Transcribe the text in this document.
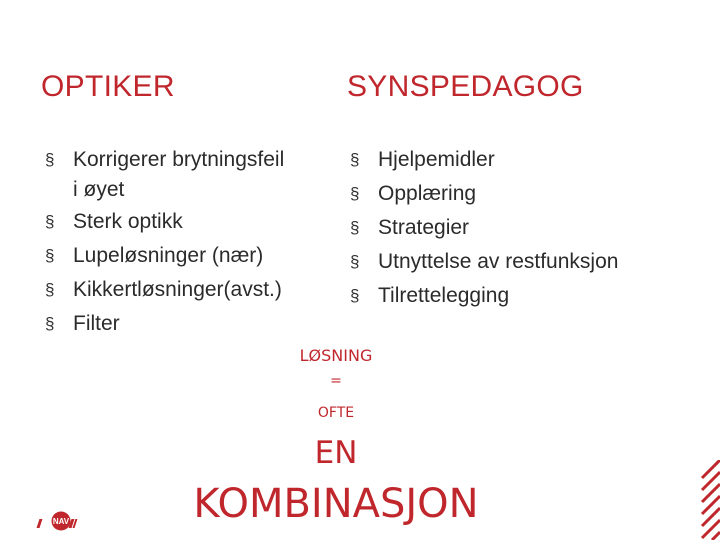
OPTIKER	SYNSPEDAGOG
§ Korrigerer brytningsfeil
i øyet
§ Sterk optikk
§ Lupeløsninger (nær)
§ Kikkertløsninger(avst.)
§ Filter
§ Hjelpemidler
§ Opplæring
§ Strategier
§ Utnyttelse av restfunksjon
§ Tilrettelegging
LØSNING
=
OFTE
EN
KOMBINASJON
NAV
